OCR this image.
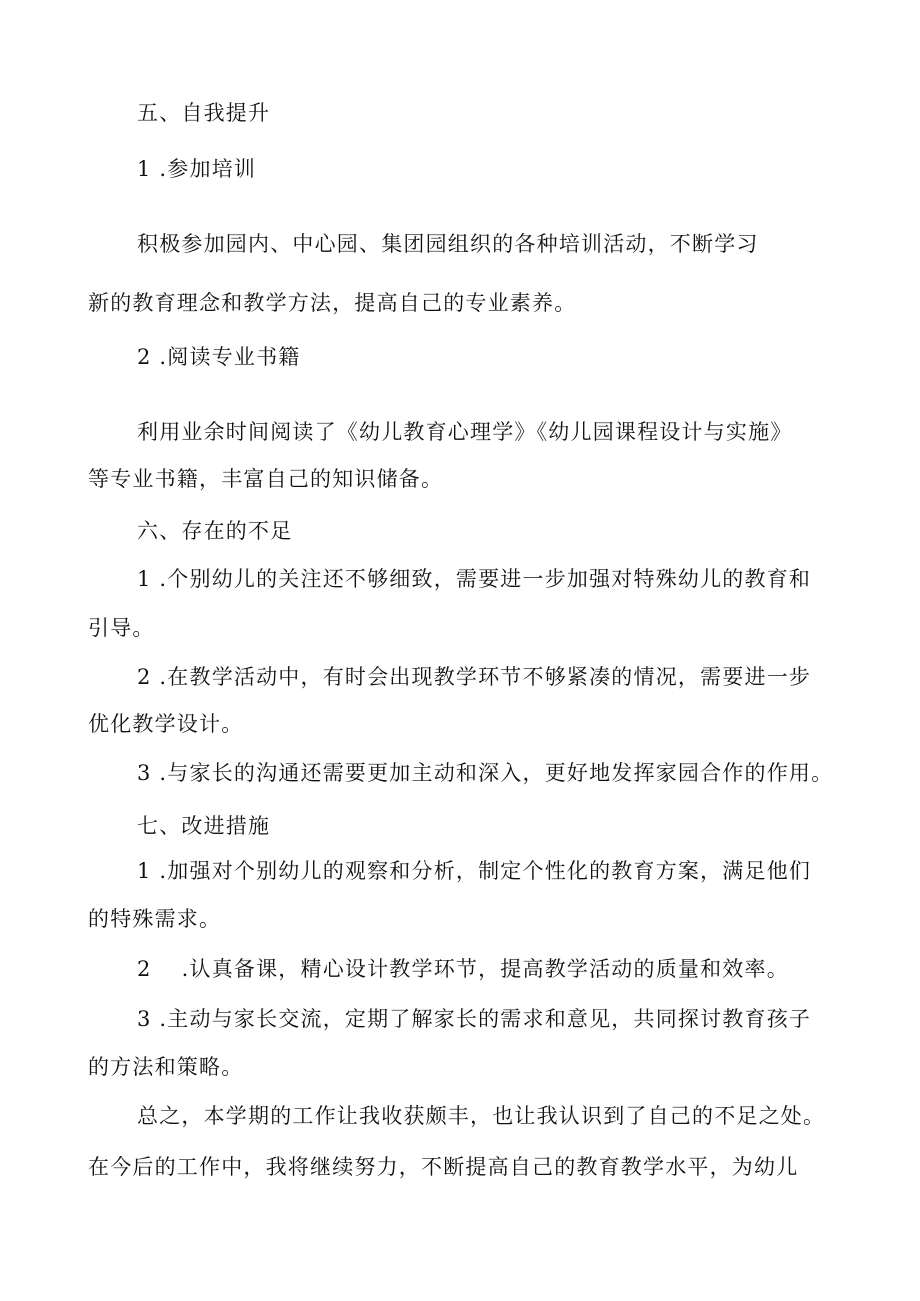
五、自我提升

1 .参加培训

积极参加园内、中心园、集团园组织的各种培训活动，不断学习

新的教育理念和教学方法，提高自己的专业素养。

2 .阅读专业书籍

利用业余时间阅读了《幼儿教育心理学》《幼儿园课程设计与实施》

等专业书籍，丰富自己的知识储备。

六、存在的不足

1 .个别幼儿的关注还不够细致，需要进一步加强对特殊幼儿的教育和

引导。

2 .在教学活动中，有时会出现教学环节不够紧凑的情况，需要进一步

优化教学设计。

3 .与家长的沟通还需要更加主动和深入，更好地发挥家园合作的作用。

七、改进措施

1 .加强对个别幼儿的观察和分析，制定个性化的教育方案，满足他们

的特殊需求。

2　 .认真备课，精心设计教学环节，提高教学活动的质量和效率。

3 .主动与家长交流，定期了解家长的需求和意见，共同探讨教育孩子

的方法和策略。

总之，本学期的工作让我收获颇丰，也让我认识到了自己的不足之处。

在今后的工作中，我将继续努力，不断提高自己的教育教学水平，为幼儿
